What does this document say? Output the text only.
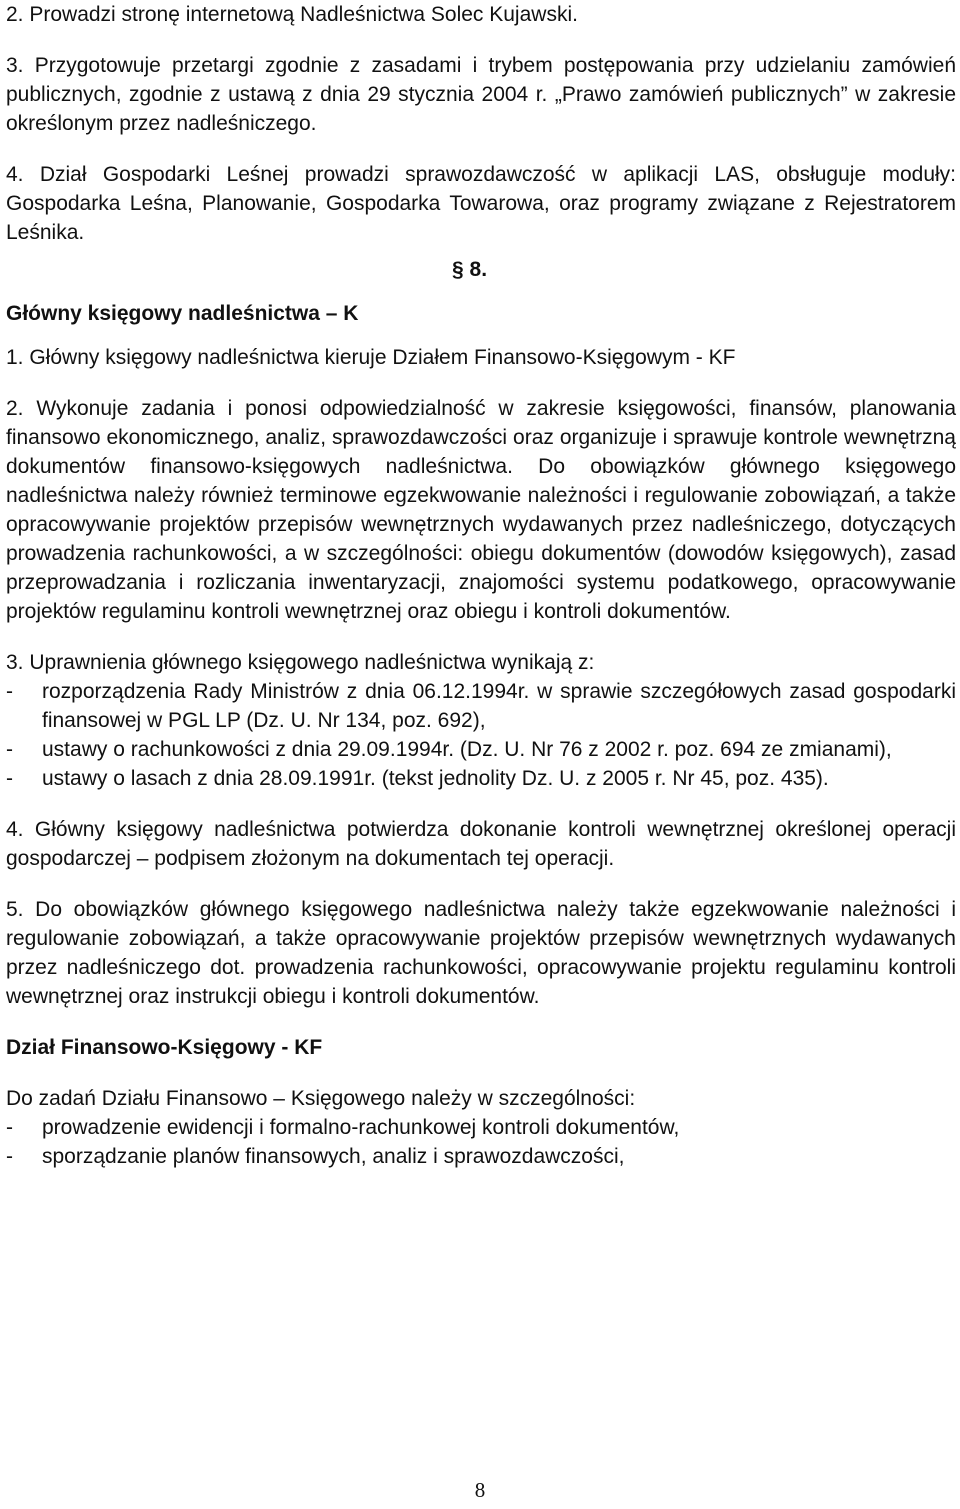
2. Prowadzi stronę internetową Nadleśnictwa Solec Kujawski.

3. Przygotowuje przetargi zgodnie z zasadami i trybem postępowania przy udzielaniu zamówień publicznych, zgodnie z ustawą z dnia 29 stycznia 2004 r. „Prawo zamówień publicznych” w zakresie określonym przez nadleśniczego.

4. Dział Gospodarki Leśnej prowadzi sprawozdawczość w aplikacji LAS, obsługuje moduły: Gospodarka Leśna, Planowanie, Gospodarka Towarowa, oraz programy związane z Rejestratorem Leśnika.

Główny księgowy nadleśnictwa – K
§ 8.

1. Główny księgowy nadleśnictwa kieruje Działem Finansowo-Księgowym - KF

2. Wykonuje zadania i ponosi odpowiedzialność w zakresie księgowości, finansów, planowania finansowo ekonomicznego, analiz, sprawozdawczości oraz organizuje i sprawuje kontrole wewnętrzną dokumentów finansowo-księgowych nadleśnictwa. Do obowiązków głównego księgowego nadleśnictwa należy również terminowe egzekwowanie należności i regulowanie zobowiązań, a także opracowywanie projektów przepisów wewnętrznych wydawanych przez nadleśniczego, dotyczących prowadzenia rachunkowości, a w szczególności: obiegu dokumentów (dowodów księgowych), zasad przeprowadzania i rozliczania inwentaryzacji, znajomości systemu podatkowego, opracowywanie projektów regulaminu kontroli wewnętrznej oraz obiegu i kontroli dokumentów.

3. Uprawnienia głównego księgowego nadleśnictwa wynikają z:

-	rozporządzenia Rady Ministrów z dnia 06.12.1994r. w sprawie szczegółowych zasad gospodarki finansowej w PGL LP (Dz. U. Nr 134, poz. 692),
-	ustawy o rachunkowości z dnia 29.09.1994r. (Dz. U. Nr 76 z 2002 r. poz. 694 ze zmianami),
-	ustawy o lasach z dnia 28.09.1991r. (tekst jednolity Dz. U. z 2005 r. Nr 45, poz. 435).

4. Główny księgowy nadleśnictwa potwierdza dokonanie kontroli wewnętrznej określonej operacji gospodarczej – podpisem złożonym na dokumentach tej operacji.

5. Do obowiązków głównego księgowego nadleśnictwa należy także egzekwowanie należności i regulowanie zobowiązań, a także opracowywanie projektów przepisów wewnętrznych wydawanych przez nadleśniczego dot. prowadzenia rachunkowości, opracowywanie projektu regulaminu kontroli wewnętrznej oraz instrukcji obiegu i kontroli dokumentów.

Dział Finansowo-Księgowy - KF

Do zadań Działu Finansowo – Księgowego należy w szczególności:

-	prowadzenie ewidencji i formalno-rachunkowej kontroli dokumentów,
-	sporządzanie planów finansowych, analiz i sprawozdawczości,
8
